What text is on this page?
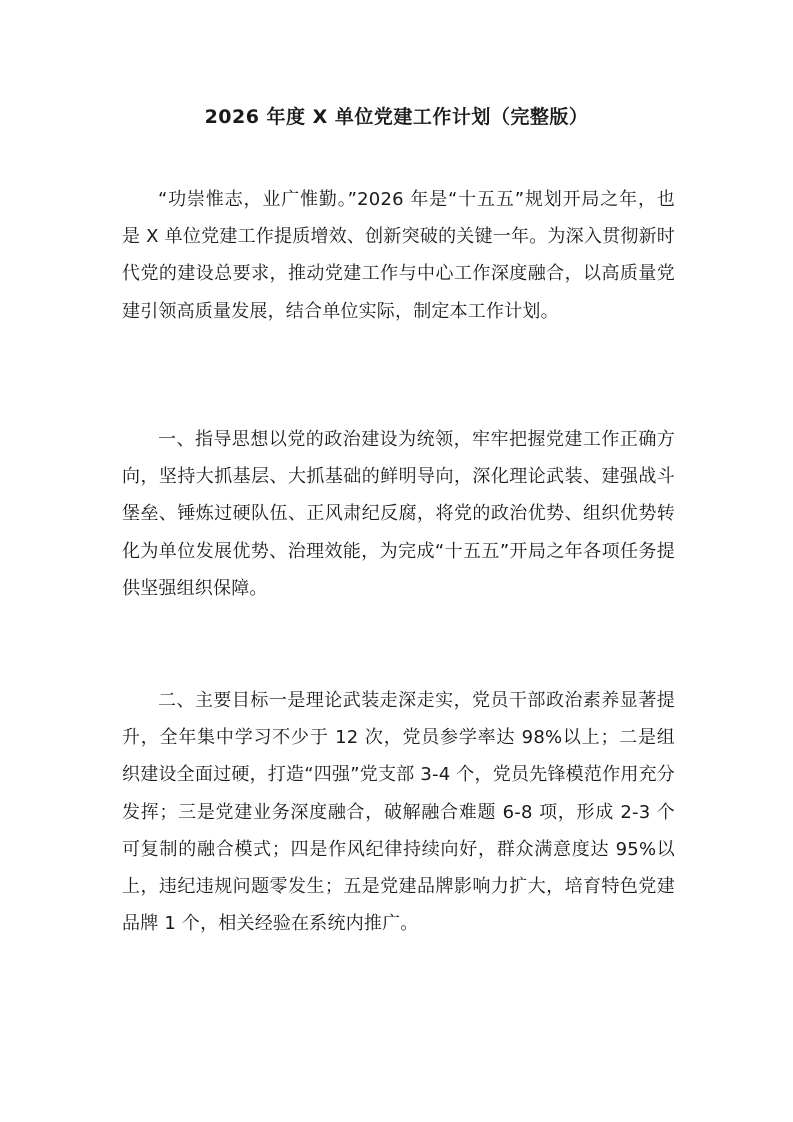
2026 年度 X 单位党建工作计划（完整版）

“功崇惟志，业广惟勤。”2026 年是“十五五”规划开局之年，也是 X 单位党建工作提质增效、创新突破的关键一年。为深入贯彻新时代党的建设总要求，推动党建工作与中心工作深度融合，以高质量党建引领高质量发展，结合单位实际，制定本工作计划。

一、指导思想以党的政治建设为统领，牢牢把握党建工作正确方向，坚持大抓基层、大抓基础的鲜明导向，深化理论武装、建强战斗堡垒、锤炼过硬队伍、正风肃纪反腐，将党的政治优势、组织优势转化为单位发展优势、治理效能，为完成“十五五”开局之年各项任务提供坚强组织保障。

二、主要目标一是理论武装走深走实，党员干部政治素养显著提升，全年集中学习不少于 12 次，党员参学率达 98%以上；二是组织建设全面过硬，打造“四强”党支部 3-4 个，党员先锋模范作用充分发挥；三是党建业务深度融合，破解融合难题 6-8 项，形成 2-3 个可复制的融合模式；四是作风纪律持续向好，群众满意度达 95%以上，违纪违规问题零发生；五是党建品牌影响力扩大，培育特色党建品牌 1 个，相关经验在系统内推广。
